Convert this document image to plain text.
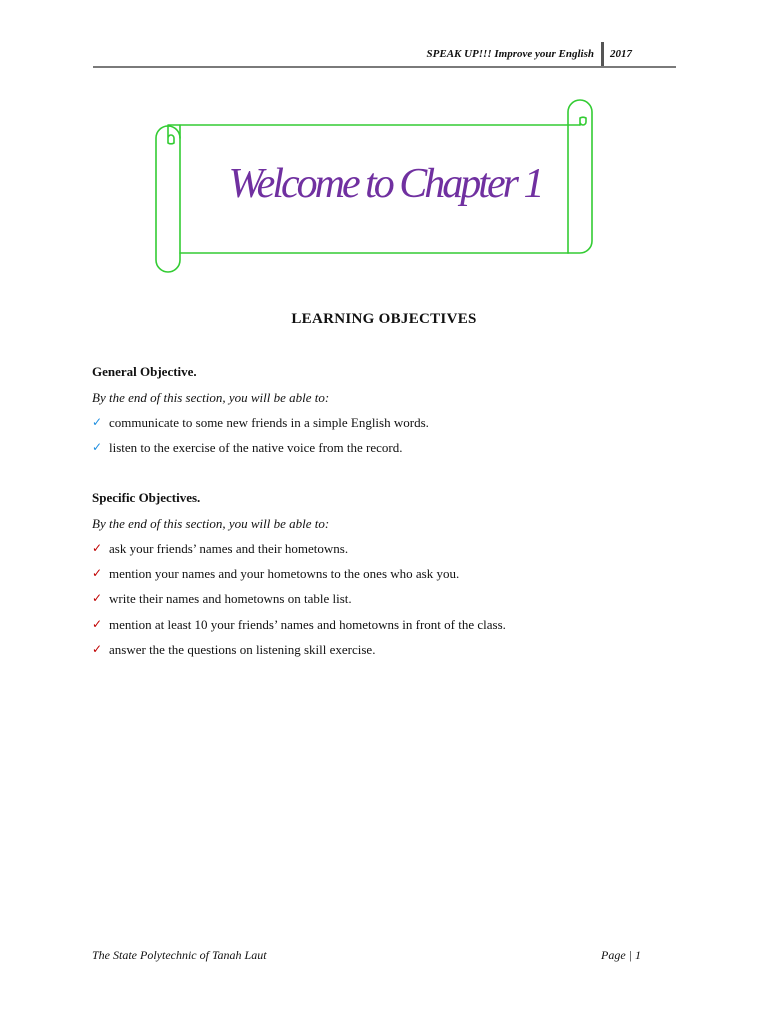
SPEAK UP!!! Improve your English 2017
Welcome to Chapter 1
LEARNING OBJECTIVES
General Objective.
By the end of this section, you will be able to:
✓ communicate to some new friends in a simple English words.
✓ listen to the exercise of the native voice from the record.
Specific Objectives.
By the end of this section, you will be able to:
✓ ask your friends’ names and their hometowns.
✓ mention your names and your hometowns to the ones who ask you.
✓ write their names and hometowns on table list.
✓ mention at least 10 your friends’ names and hometowns in front of the class.
✓ answer the the questions on listening skill exercise.
The State Polytechnic of Tanah Laut	Page | 1
